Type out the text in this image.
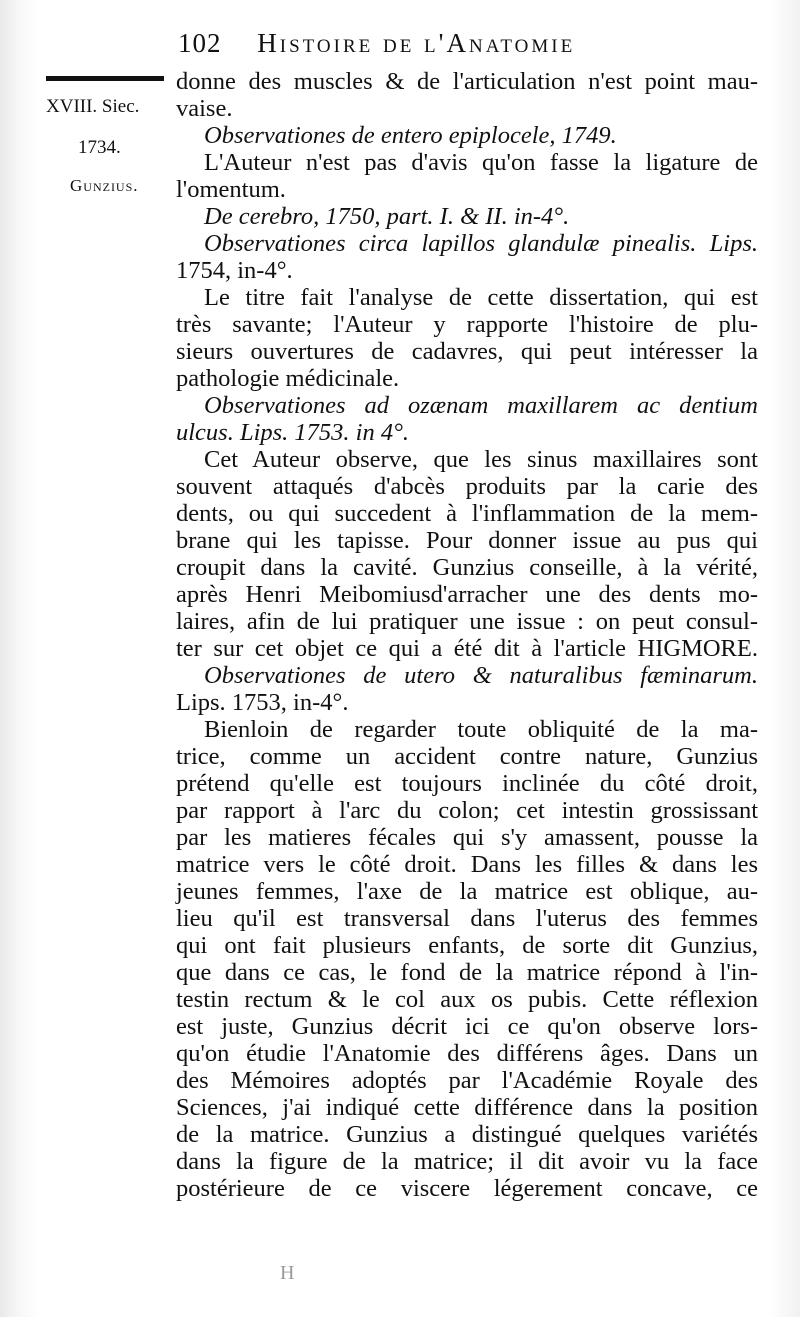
102 Histoire de l'Anatomie
XVIII. Siec.
1734.
Gunzius.
donne des muscles & de l'articulation n'est point mau-
vaise.
Observationes de entero epiplocele, 1749.
L'Auteur n'est pas d'avis qu'on fasse la ligature de
l'omentum.
De cerebro, 1750, part. I. & II. in-4°.
Observationes circa lapillos glandulæ pinealis. Lips.
1754, in-4°.
Le titre fait l'analyse de cette dissertation, qui est
très savante; l'Auteur y rapporte l'histoire de plu-
sieurs ouvertures de cadavres, qui peut intéresser la
pathologie médicinale.
Observationes ad ozænam maxillarem ac dentium
ulcus. Lips. 1753. in 4°.
Cet Auteur observe, que les sinus maxillaires sont
souvent attaqués d'abcès produits par la carie des
dents, ou qui succedent à l'inflammation de la mem-
brane qui les tapisse. Pour donner issue au pus qui
croupit dans la cavité. Gunzius conseille, à la vérité,
après Henri Meibomiusd'arracher une des dents mo-
laires, afin de lui pratiquer une issue : on peut consul-
ter sur cet objet ce qui a été dit à l'article HIGMORE.
Observationes de utero & naturalibus fæminarum.
Lips. 1753, in-4°.
Bienloin de regarder toute obliquité de la ma-
trice, comme un accident contre nature, Gunzius
prétend qu'elle est toujours inclinée du côté droit,
par rapport à l'arc du colon; cet intestin grossissant
par les matieres fécales qui s'y amassent, pousse la
matrice vers le côté droit. Dans les filles & dans les
jeunes femmes, l'axe de la matrice est oblique, au-
lieu qu'il est transversal dans l'uterus des femmes
qui ont fait plusieurs enfants, de sorte dit Gunzius,
que dans ce cas, le fond de la matrice répond à l'in-
testin rectum & le col aux os pubis. Cette réflexion
est juste, Gunzius décrit ici ce qu'on observe lors-
qu'on étudie l'Anatomie des différens âges. Dans un
des Mémoires adoptés par l'Académie Royale des
Sciences, j'ai indiqué cette différence dans la position
de la matrice. Gunzius a distingué quelques variétés
dans la figure de la matrice; il dit avoir vu la face
postérieure de ce viscere légerement concave, ce
H
